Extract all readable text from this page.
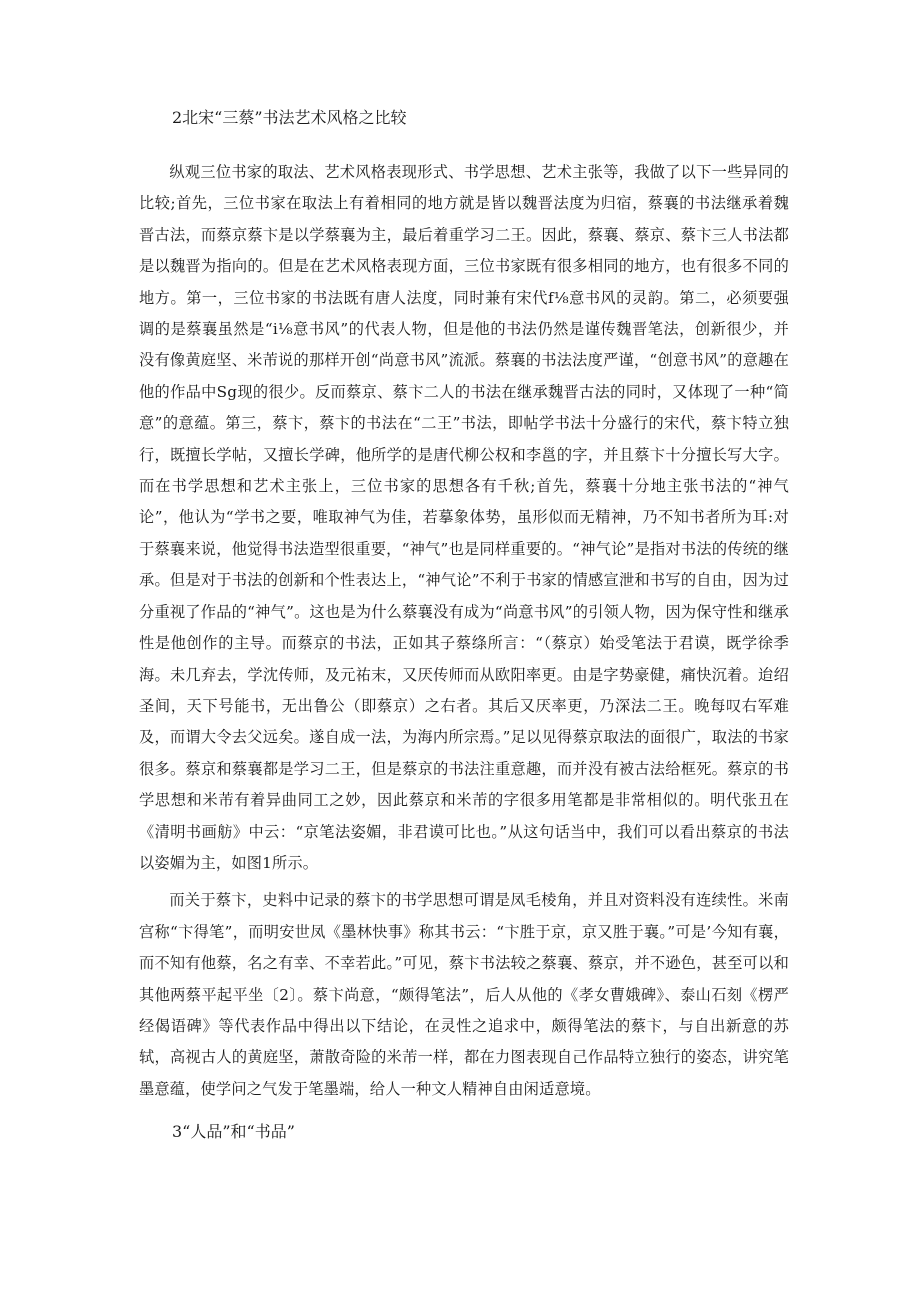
2北宋“三蔡”书法艺术风格之比较

纵观三位书家的取法、艺术风格表现形式、书学思想、艺术主张等，我做了以下一些异同的比较;首先，三位书家在取法上有着相同的地方就是皆以魏晋法度为归宿，蔡襄的书法继承着魏晋古法，而蔡京蔡卞是以学蔡襄为主，最后着重学习二王。因此，蔡襄、蔡京、蔡卞三人书法都是以魏晋为指向的。但是在艺术风格表现方面，三位书家既有很多相同的地方，也有很多不同的地方。第一，三位书家的书法既有唐人法度，同时兼有宋代f⅛意书风的灵韵。第二，必须要强调的是蔡襄虽然是“i⅛意书风”的代表人物，但是他的书法仍然是谨传魏晋笔法，创新很少，并没有像黄庭坚、米芾说的那样开创“尚意书风”流派。蔡襄的书法法度严谨，“创意书风”的意趣在他的作品中Sg现的很少。反而蔡京、蔡卞二人的书法在继承魏晋古法的同时，又体现了一种“简意”的意蕴。第三，蔡卞，蔡卞的书法在“二王”书法，即帖学书法十分盛行的宋代，蔡卞特立独行，既擅长学帖，又擅长学碑，他所学的是唐代柳公权和李邕的字，并且蔡卞十分擅长写大字。而在书学思想和艺术主张上，三位书家的思想各有千秋;首先，蔡襄十分地主张书法的“神气论”，他认为“学书之要，唯取神气为佳，若摹象体势，虽形似而无精神，乃不知书者所为耳:对于蔡襄来说，他觉得书法造型很重要，“神气”也是同样重要的。“神气论”是指对书法的传统的继承。但是对于书法的创新和个性表达上，“神气论”不利于书家的情感宣泄和书写的自由，因为过分重视了作品的“神气”。这也是为什么蔡襄没有成为“尚意书风”的引领人物，因为保守性和继承性是他创作的主导。而蔡京的书法，正如其子蔡绦所言：“（蔡京）始受笔法于君谟，既学徐季海。未几弃去，学沈传师，及元祐末，又厌传师而从欧阳率更。由是字势豪健，痛快沉着。迨绍圣间，天下号能书，无出鲁公（即蔡京）之右者。其后又厌率更，乃深法二王。晚每叹右军难及，而谓大令去父远矣。遂自成一法，为海内所宗焉。”足以见得蔡京取法的面很广，取法的书家很多。蔡京和蔡襄都是学习二王，但是蔡京的书法注重意趣，而并没有被古法给框死。蔡京的书学思想和米芾有着异曲同工之妙，因此蔡京和米芾的字很多用笔都是非常相似的。明代张丑在《清明书画舫》中云：“京笔法姿媚，非君谟可比也。”从这句话当中，我们可以看出蔡京的书法以姿媚为主，如图1所示。

而关于蔡卞，史料中记录的蔡卞的书学思想可谓是凤毛棱角，并且对资料没有连续性。米南宫称“卞得笔”，而明安世凤《墨林快事》称其书云：“卞胜于京，京又胜于襄。”可是’今知有襄，而不知有他蔡，名之有幸、不幸若此。”可见，蔡卞书法较之蔡襄、蔡京，并不逊色，甚至可以和其他两蔡平起平坐〔2〕。蔡卞尚意，“颇得笔法”，后人从他的《孝女曹娥碑》、泰山石刻《楞严经偈语碑》等代表作品中得出以下结论，在灵性之追求中，颇得笔法的蔡卞，与自出新意的苏轼，高视古人的黄庭坚，萧散奇险的米芾一样，都在力图表现自己作品特立独行的姿态，讲究笔墨意蕴，使学问之气发于笔墨端，给人一种文人精神自由闲适意境。

3“人品”和“书品”
